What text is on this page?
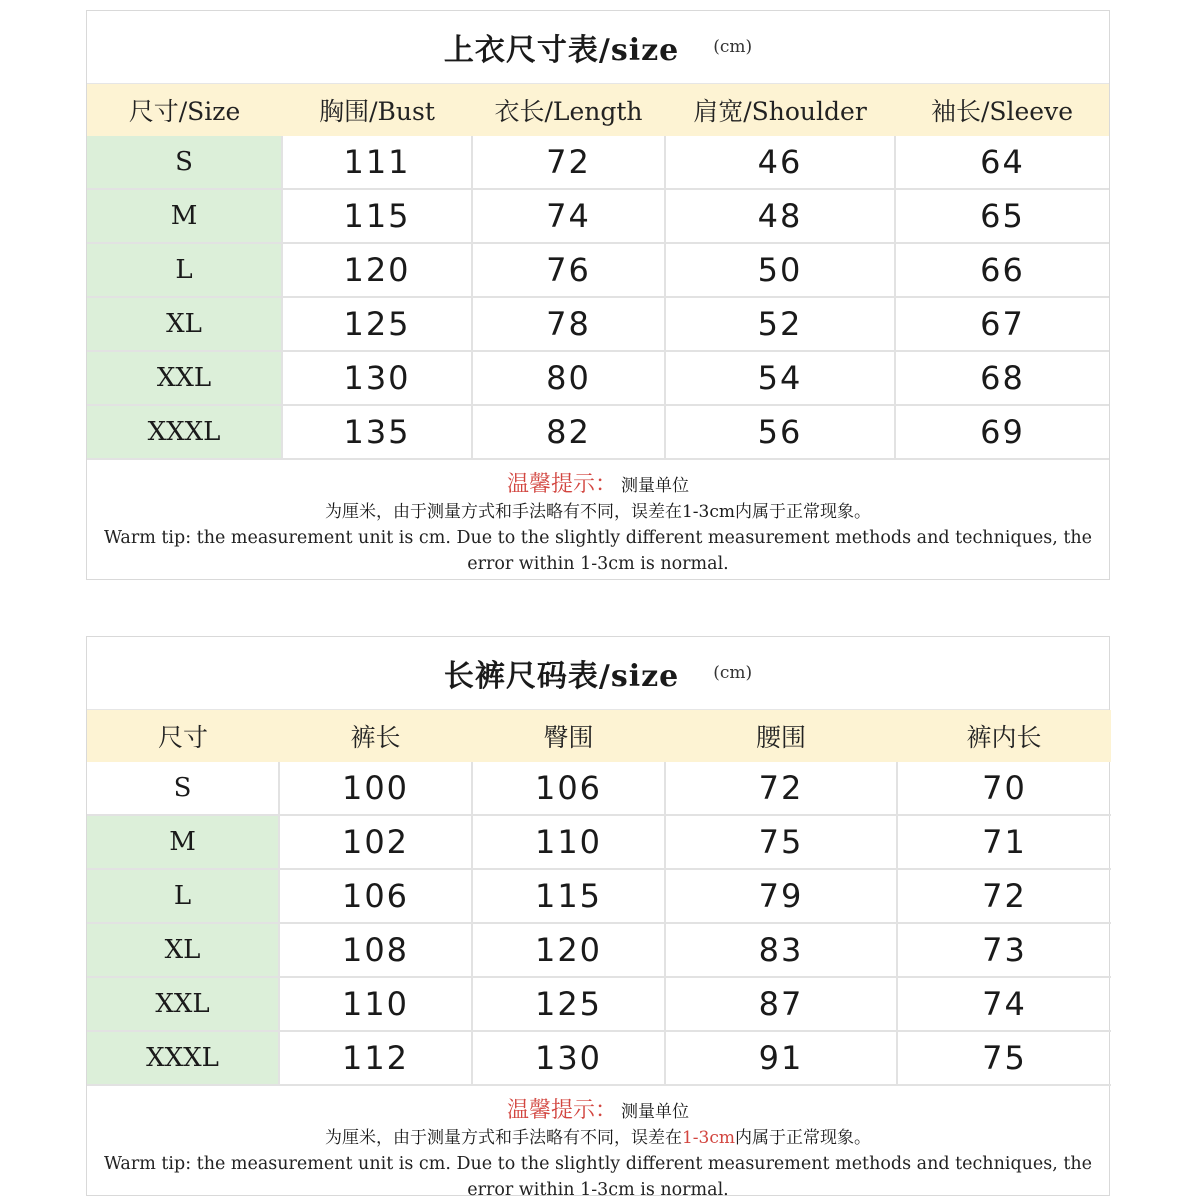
上衣尺寸表/size (cm)
尺寸/Size	胸围/Bust	衣长/Length	肩宽/Shoulder	袖长/Sleeve
S	111	72	46	64
M	115	74	48	65
L	120	76	50	66
XL	125	78	52	67
XXL	130	80	54	68
XXXL	135	82	56	69
温馨提示： 测量单位
为厘米，由于测量方式和手法略有不同，误差在1-3cm内属于正常现象。
Warm tip: the measurement unit is cm. Due to the slightly different measurement methods and techniques, the error within 1-3cm is normal.
长裤尺码表/size (cm)
尺寸	裤长	臀围	腰围	裤内长
S	100	106	72	70
M	102	110	75	71
L	106	115	79	72
XL	108	120	83	73
XXL	110	125	87	74
XXXL	112	130	91	75
温馨提示： 测量单位
为厘米，由于测量方式和手法略有不同，误差在1-3cm内属于正常现象。
Warm tip: the measurement unit is cm. Due to the slightly different measurement methods and techniques, the error within 1-3cm is normal.
